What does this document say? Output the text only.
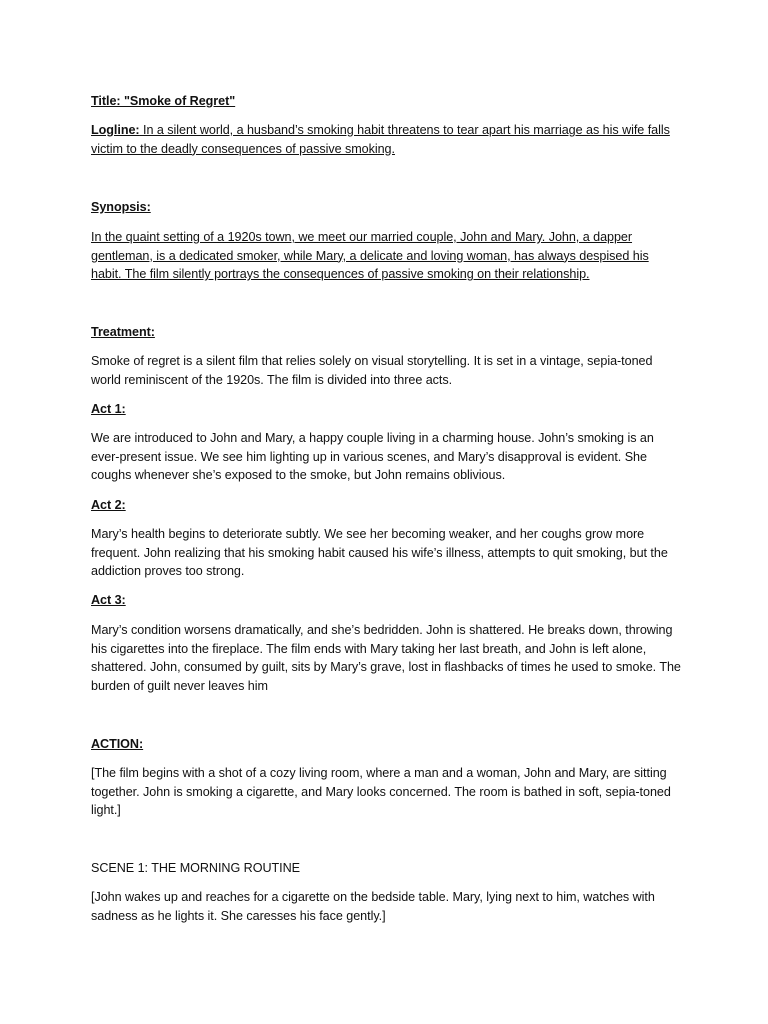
Title: "Smoke of Regret"

Logline: In a silent world, a husband’s smoking habit threatens to tear apart his marriage as his wife falls victim to the deadly consequences of passive smoking.

Synopsis:

In the quaint setting of a 1920s town, we meet our married couple, John and Mary. John, a dapper gentleman, is a dedicated smoker, while Mary, a delicate and loving woman, has always despised his habit. The film silently portrays the consequences of passive smoking on their relationship.

Treatment:

Smoke of regret is a silent film that relies solely on visual storytelling. It is set in a vintage, sepia-toned world reminiscent of the 1920s. The film is divided into three acts.

Act 1:

We are introduced to John and Mary, a happy couple living in a charming house. John’s smoking is an ever-present issue. We see him lighting up in various scenes, and Mary’s disapproval is evident. She coughs whenever she’s exposed to the smoke, but John remains oblivious.

Act 2:

Mary’s health begins to deteriorate subtly. We see her becoming weaker, and her coughs grow more frequent. John realizing that his smoking habit caused his wife’s illness, attempts to quit smoking, but the addiction proves too strong.

Act 3:

Mary’s condition worsens dramatically, and she’s bedridden. John is shattered. He breaks down, throwing his cigarettes into the fireplace. The film ends with Mary taking her last breath, and John is left alone, shattered. John, consumed by guilt, sits by Mary’s grave, lost in flashbacks of times he used to smoke. The burden of guilt never leaves him

ACTION:

[The film begins with a shot of a cozy living room, where a man and a woman, John and Mary, are sitting together. John is smoking a cigarette, and Mary looks concerned. The room is bathed in soft, sepia-toned light.]

SCENE 1: THE MORNING ROUTINE

[John wakes up and reaches for a cigarette on the bedside table. Mary, lying next to him, watches with sadness as he lights it. She caresses his face gently.]
